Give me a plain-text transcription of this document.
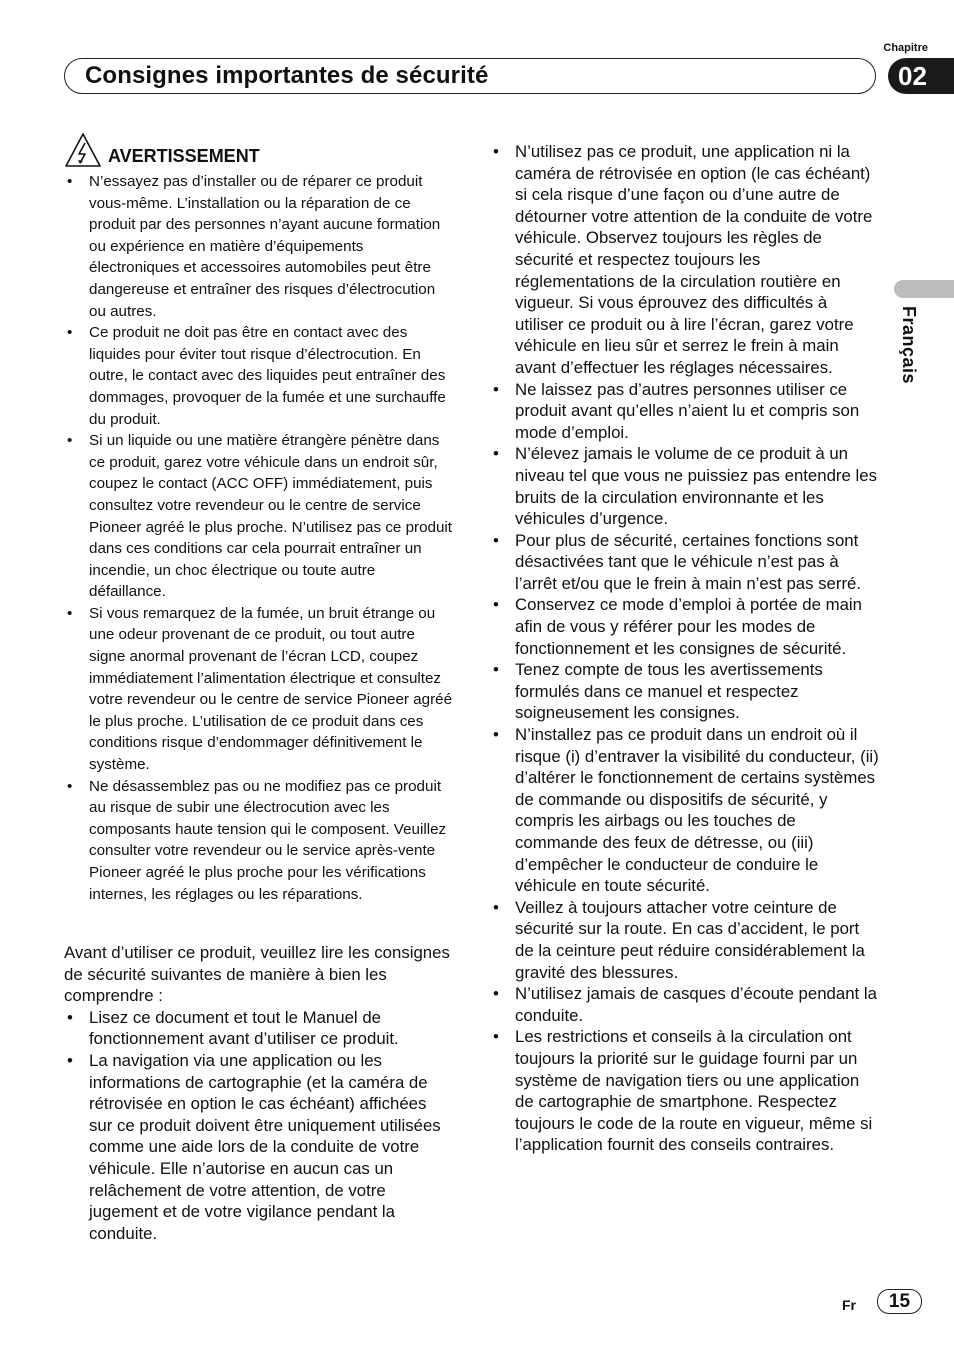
Chapitre
02
Consignes importantes de sécurité
Français
AVERTISSEMENT
• N’essayez pas d’installer ou de réparer ce produit vous-même. L’installation ou la réparation de ce produit par des personnes n’ayant aucune formation ou expérience en matière d’équipements électroniques et accessoires automobiles peut être dangereuse et entraîner des risques d’électrocution ou autres.
• Ce produit ne doit pas être en contact avec des liquides pour éviter tout risque d’électrocution. En outre, le contact avec des liquides peut entraîner des dommages, provoquer de la fumée et une surchauffe du produit.
• Si un liquide ou une matière étrangère pénètre dans ce produit, garez votre véhicule dans un endroit sûr, coupez le contact (ACC OFF) immédiatement, puis consultez votre revendeur ou le centre de service Pioneer agréé le plus proche. N’utilisez pas ce produit dans ces conditions car cela pourrait entraîner un incendie, un choc électrique ou toute autre défaillance.
• Si vous remarquez de la fumée, un bruit étrange ou une odeur provenant de ce produit, ou tout autre signe anormal provenant de l’écran LCD, coupez immédiatement l’alimentation électrique et consultez votre revendeur ou le centre de service Pioneer agréé le plus proche. L’utilisation de ce produit dans ces conditions risque d’endommager définitivement le système.
• Ne désassemblez pas ou ne modifiez pas ce produit au risque de subir une électrocution avec les composants haute tension qui le composent. Veuillez consulter votre revendeur ou le service après-vente Pioneer agréé le plus proche pour les vérifications internes, les réglages ou les réparations.

Avant d’utiliser ce produit, veuillez lire les consignes de sécurité suivantes de manière à bien les comprendre :

• Lisez ce document et tout le Manuel de fonctionnement avant d’utiliser ce produit.
• La navigation via une application ou les informations de cartographie (et la caméra de rétrovisée en option le cas échéant) affichées sur ce produit doivent être uniquement utilisées comme une aide lors de la conduite de votre véhicule. Elle n’autorise en aucun cas un relâchement de votre attention, de votre jugement et de votre vigilance pendant la conduite.
• N’utilisez pas ce produit, une application ni la caméra de rétrovisée en option (le cas échéant) si cela risque d’une façon ou d’une autre de détourner votre attention de la conduite de votre véhicule. Observez toujours les règles de sécurité et respectez toujours les réglementations de la circulation routière en vigueur. Si vous éprouvez des difficultés à utiliser ce produit ou à lire l’écran, garez votre véhicule en lieu sûr et serrez le frein à main avant d’effectuer les réglages nécessaires.
• Ne laissez pas d’autres personnes utiliser ce produit avant qu’elles n’aient lu et compris son mode d’emploi.
• N’élevez jamais le volume de ce produit à un niveau tel que vous ne puissiez pas entendre les bruits de la circulation environnante et les véhicules d’urgence.
• Pour plus de sécurité, certaines fonctions sont désactivées tant que le véhicule n’est pas à l’arrêt et/ou que le frein à main n’est pas serré.
• Conservez ce mode d’emploi à portée de main afin de vous y référer pour les modes de fonctionnement et les consignes de sécurité.
• Tenez compte de tous les avertissements formulés dans ce manuel et respectez soigneusement les consignes.
• N’installez pas ce produit dans un endroit où il risque (i) d’entraver la visibilité du conducteur, (ii) d’altérer le fonctionnement de certains systèmes de commande ou dispositifs de sécurité, y compris les airbags ou les touches de commande des feux de détresse, ou (iii) d’empêcher le conducteur de conduire le véhicule en toute sécurité.
• Veillez à toujours attacher votre ceinture de sécurité sur la route. En cas d’accident, le port de la ceinture peut réduire considérablement la gravité des blessures.
• N’utilisez jamais de casques d’écoute pendant la conduite.
• Les restrictions et conseils à la circulation ont toujours la priorité sur le guidage fourni par un système de navigation tiers ou une application de cartographie de smartphone. Respectez toujours le code de la route en vigueur, même si l’application fournit des conseils contraires.
Fr	15
